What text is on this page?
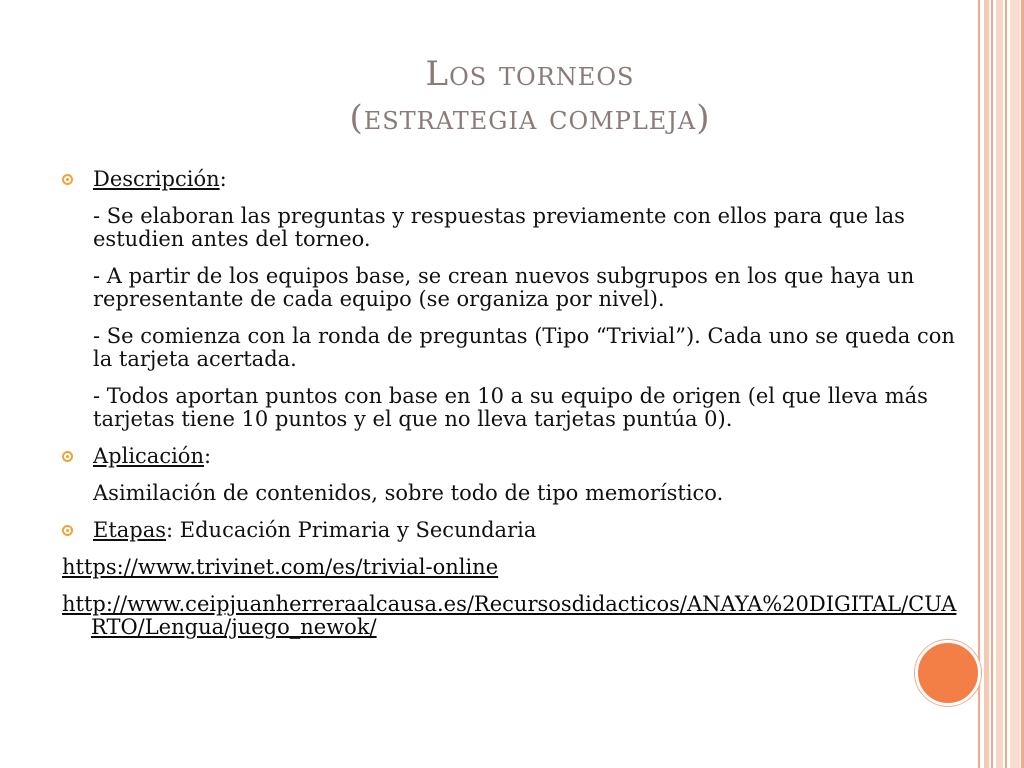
Los torneos
(estrategia compleja)
Descripción:
- Se elaboran las preguntas y respuestas previamente con ellos para que las estudien antes del torneo.
- A partir de los equipos base, se crean nuevos subgrupos en los que haya un representante de cada equipo (se organiza por nivel).
- Se comienza con la ronda de preguntas (Tipo “Trivial”). Cada uno se queda con la tarjeta acertada.
- Todos aportan puntos con base en 10 a su equipo de origen (el que lleva más tarjetas tiene 10 puntos y el que no lleva tarjetas puntúa 0).
Aplicación:
Asimilación de contenidos, sobre todo de tipo memorístico.
Etapas: Educación Primaria y Secundaria
https://www.trivinet.com/es/trivial-online
http://www.ceipjuanherreraalcausa.es/Recursosdidacticos/ANAYA%20DIGITAL/CUARTO/Lengua/juego_newok/
